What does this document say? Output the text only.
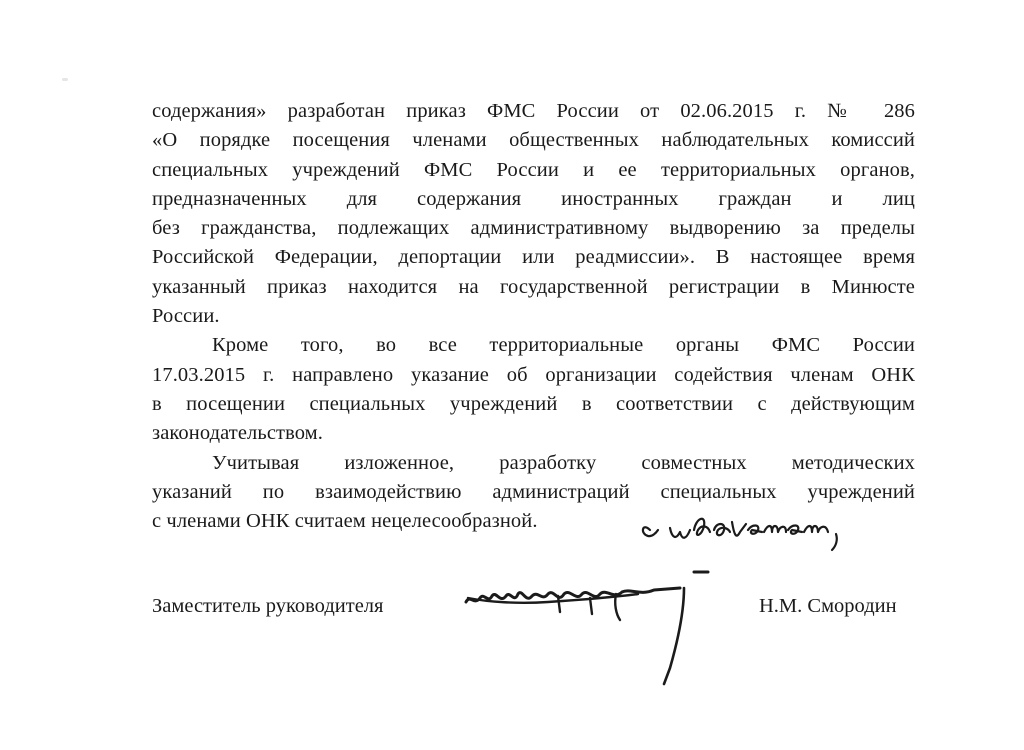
содержания» разработан приказ ФМС России от 02.06.2015 г. № 286
«О порядке посещения членами общественных наблюдательных комиссий
специальных учреждений ФМС России и ее территориальных органов,
предназначенных для содержания иностранных граждан и лиц
без гражданства, подлежащих административному выдворению за пределы
Российской Федерации, депортации или реадмиссии». В настоящее время
указанный приказ находится на государственной регистрации в Минюсте
России.
Кроме того, во все территориальные органы ФМС России
17.03.2015 г. направлено указание об организации содействия членам ОНК
в посещении специальных учреждений в соответствии с действующим
законодательством.
Учитывая изложенное, разработку совместных методических
указаний по взаимодействию администраций специальных учреждений
с членами ОНК считаем нецелесообразной.
Заместитель руководителя	Н.М. Смородин
